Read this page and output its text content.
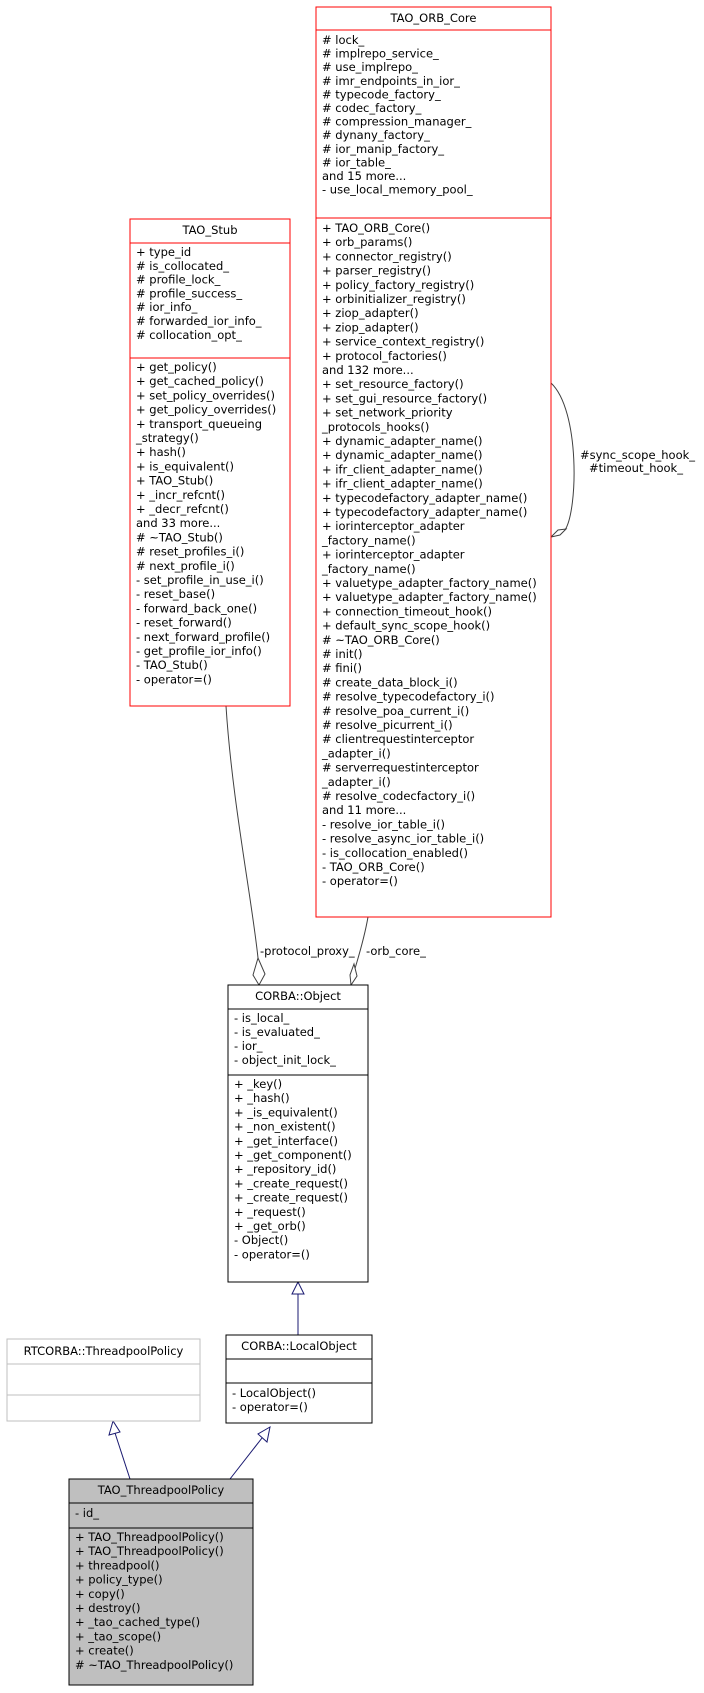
-protocol_proxy_ -orb_core_
#sync_scope_hook_
#timeout_hook_
TAO_ORB_Core
# lock_
# implrepo_service_
# use_implrepo_
# imr_endpoints_in_ior_
# typecode_factory_
# codec_factory_
# compression_manager_
# dynany_factory_
# ior_manip_factory_
# ior_table_
and 15 more...
- use_local_memory_pool_
+ TAO_ORB_Core()
+ orb_params()
+ connector_registry()
+ parser_registry()
+ policy_factory_registry()
+ orbinitializer_registry()
+ ziop_adapter()
+ ziop_adapter()
+ service_context_registry()
+ protocol_factories()
and 132 more...
+ set_resource_factory()
+ set_gui_resource_factory()
+ set_network_priority
_protocols_hooks()
+ dynamic_adapter_name()
+ dynamic_adapter_name()
+ ifr_client_adapter_name()
+ ifr_client_adapter_name()
+ typecodefactory_adapter_name()
+ typecodefactory_adapter_name()
+ iorinterceptor_adapter
_factory_name()
+ iorinterceptor_adapter
_factory_name()
+ valuetype_adapter_factory_name()
+ valuetype_adapter_factory_name()
+ connection_timeout_hook()
+ default_sync_scope_hook()
# ~TAO_ORB_Core()
# init()
# fini()
# create_data_block_i()
# resolve_typecodefactory_i()
# resolve_poa_current_i()
# resolve_picurrent_i()
# clientrequestinterceptor
_adapter_i()
# serverrequestinterceptor
_adapter_i()
# resolve_codecfactory_i()
and 11 more...
- resolve_ior_table_i()
- resolve_async_ior_table_i()
- is_collocation_enabled()
- TAO_ORB_Core()
- operator=()
TAO_Stub
+ type_id
# is_collocated_
# profile_lock_
# profile_success_
# ior_info_
# forwarded_ior_info_
# collocation_opt_
+ get_policy()
+ get_cached_policy()
+ set_policy_overrides()
+ get_policy_overrides()
+ transport_queueing
_strategy()
+ hash()
+ is_equivalent()
+ TAO_Stub()
+ _incr_refcnt()
+ _decr_refcnt()
and 33 more...
# ~TAO_Stub()
# reset_profiles_i()
# next_profile_i()
- set_profile_in_use_i()
- reset_base()
- forward_back_one()
- reset_forward()
- next_forward_profile()
- get_profile_ior_info()
- TAO_Stub()
- operator=()
CORBA::Object
- is_local_
- is_evaluated_
- ior_
- object_init_lock_
+ _key()
+ _hash()
+ _is_equivalent()
+ _non_existent()
+ _get_interface()
+ _get_component()
+ _repository_id()
+ _create_request()
+ _create_request()
+ _request()
+ _get_orb()
- Object()
- operator=()
CORBA::LocalObject
- LocalObject()
- operator=()
RTCORBA::ThreadpoolPolicy
TAO_ThreadpoolPolicy
- id_
+ TAO_ThreadpoolPolicy()
+ TAO_ThreadpoolPolicy()
+ threadpool()
+ policy_type()
+ copy()
+ destroy()
+ _tao_cached_type()
+ _tao_scope()
+ create()
# ~TAO_ThreadpoolPolicy()
